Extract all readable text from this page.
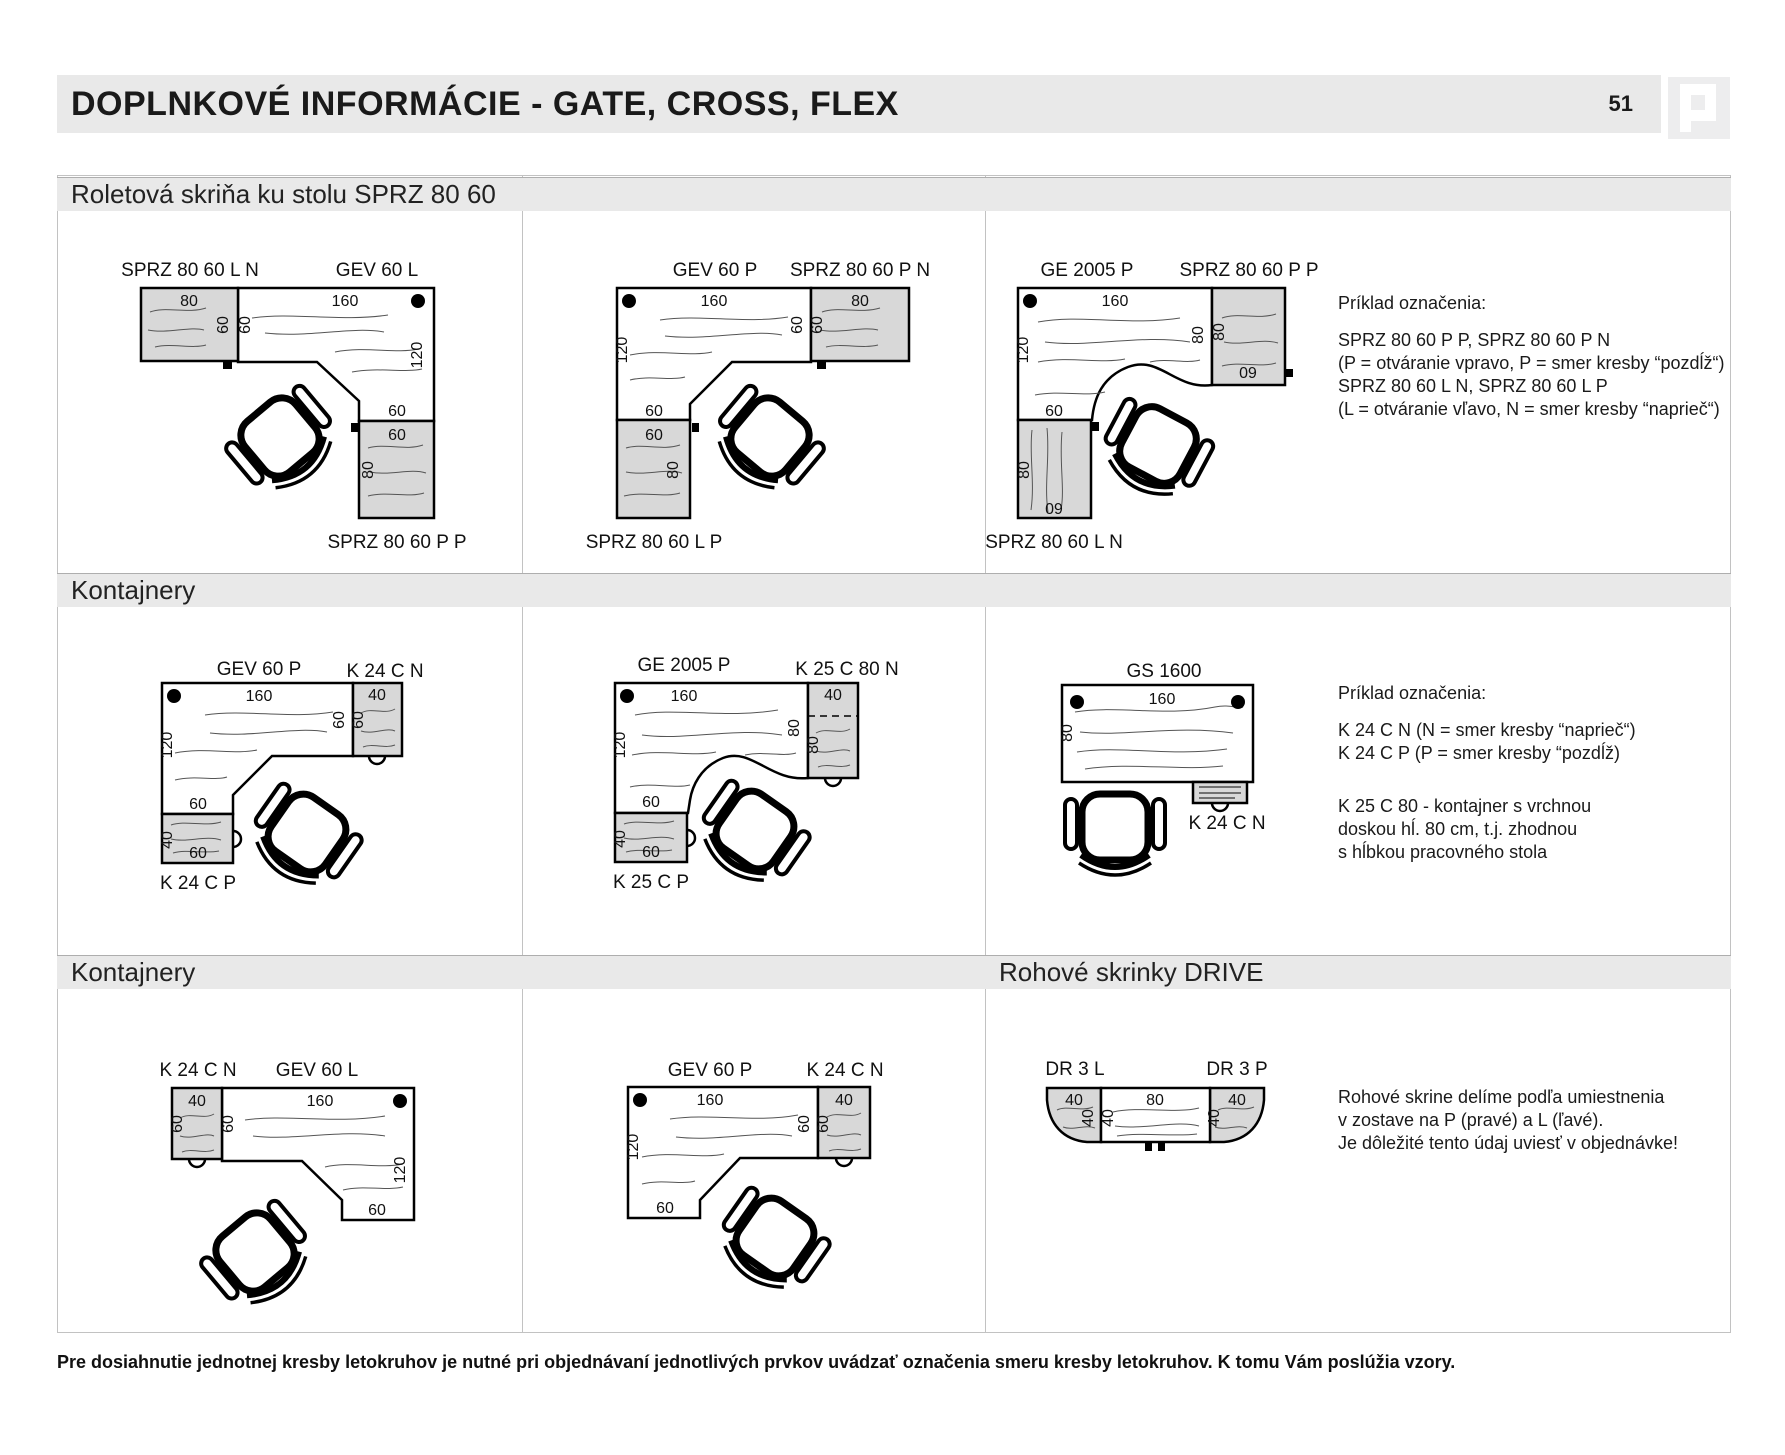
DOPLNKOVÉ INFORMÁCIE - GATE, CROSS, FLEX	51
Roletová skriňa ku stolu SPRZ 80 60
Kontajnery
Kontajnery	Rohové skrinky DRIVE
SPRZ 80 60 L N	GEV 60 L
80
60 60
160
120
60
60
80
SPRZ 80 60 P P
GEV 60 P SPRZ 80 60 P N
160
120
60
80
60
60
60
80
SPRZ 80 60 L P
GE 2005 P SPRZ 80 60 P P
160
120
80 80
60
60
80
60
SPRZ 80 60 L N
Príklad označenia:
SPRZ 80 60 P P, SPRZ 80 60 P N
(P = otváranie vpravo, P = smer kresby “pozdĺž“)
SPRZ 80 60 L N, SPRZ 80 60 L P
(L = otváranie vľavo, N = smer kresby “naprieč“)
GEV 60 P K 24 C N
160
120
60
40
60
60
40
60
K 24 C P
GE 2005 P	K 25 C 80 N
160
120
80
40
80
60
40
60
K 25 C P
GS 1600
160
80
K 24 C N
Príklad označenia:
K 24 C N (N = smer kresby “naprieč“)
K 24 C P (P = smer kresby “pozdĺž)
K 25 C 80 - kontajner s vrchnou
doskou hĺ. 80 cm, t.j. zhodnou
s hĺbkou pracovného stola
K 24 C N GEV 60 L
40
60
160
60
120
60
GEV 60 P	K 24 C N
160
120
60
40
60
60
DR 3 L	DR 3 P
40
40
80
40
40
40
Rohové skrine delíme podľa umiestnenia
v zostave na P (pravé) a L (ľavé).
Je dôležité tento údaj uviesť v objednávke!
Pre dosiahnutie jednotnej kresby letokruhov je nutné pri objednávaní jednotlivých prvkov uvádzať označenia smeru kresby letokruhov. K tomu Vám poslúžia vzory.
